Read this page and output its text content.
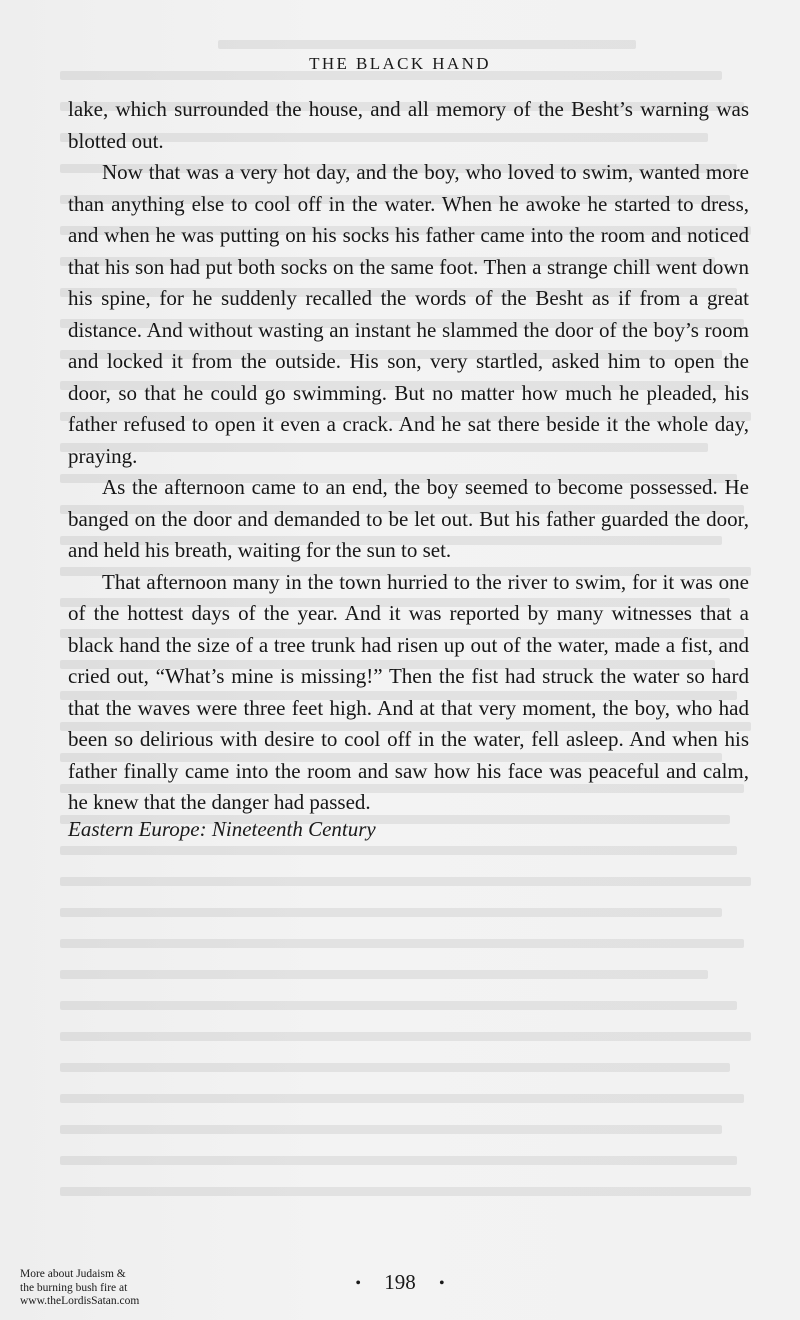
THE BLACK HAND

lake, which surrounded the house, and all memory of the Besht’s warning was blotted out.

Now that was a very hot day, and the boy, who loved to swim, wanted more than anything else to cool off in the water. When he awoke he started to dress, and when he was putting on his socks his father came into the room and noticed that his son had put both socks on the same foot. Then a strange chill went down his spine, for he suddenly recalled the words of the Besht as if from a great distance. And without wasting an instant he slammed the door of the boy’s room and locked it from the outside. His son, very startled, asked him to open the door, so that he could go swimming. But no matter how much he pleaded, his father refused to open it even a crack. And he sat there beside it the whole day, praying.

As the afternoon came to an end, the boy seemed to become possessed. He banged on the door and demanded to be let out. But his father guarded the door, and held his breath, waiting for the sun to set.

That afternoon many in the town hurried to the river to swim, for it was one of the hottest days of the year. And it was reported by many witnesses that a black hand the size of a tree trunk had risen up out of the water, made a fist, and cried out, “What’s mine is missing!” Then the fist had struck the water so hard that the waves were three feet high. And at that very moment, the boy, who had been so delirious with desire to cool off in the water, fell asleep. And when his father finally came into the room and saw how his face was peaceful and calm, he knew that the danger had passed.

Eastern Europe: Nineteenth Century
• 198 •
More about Judaism &
the burning bush fire at
www.theLordisSatan.com
